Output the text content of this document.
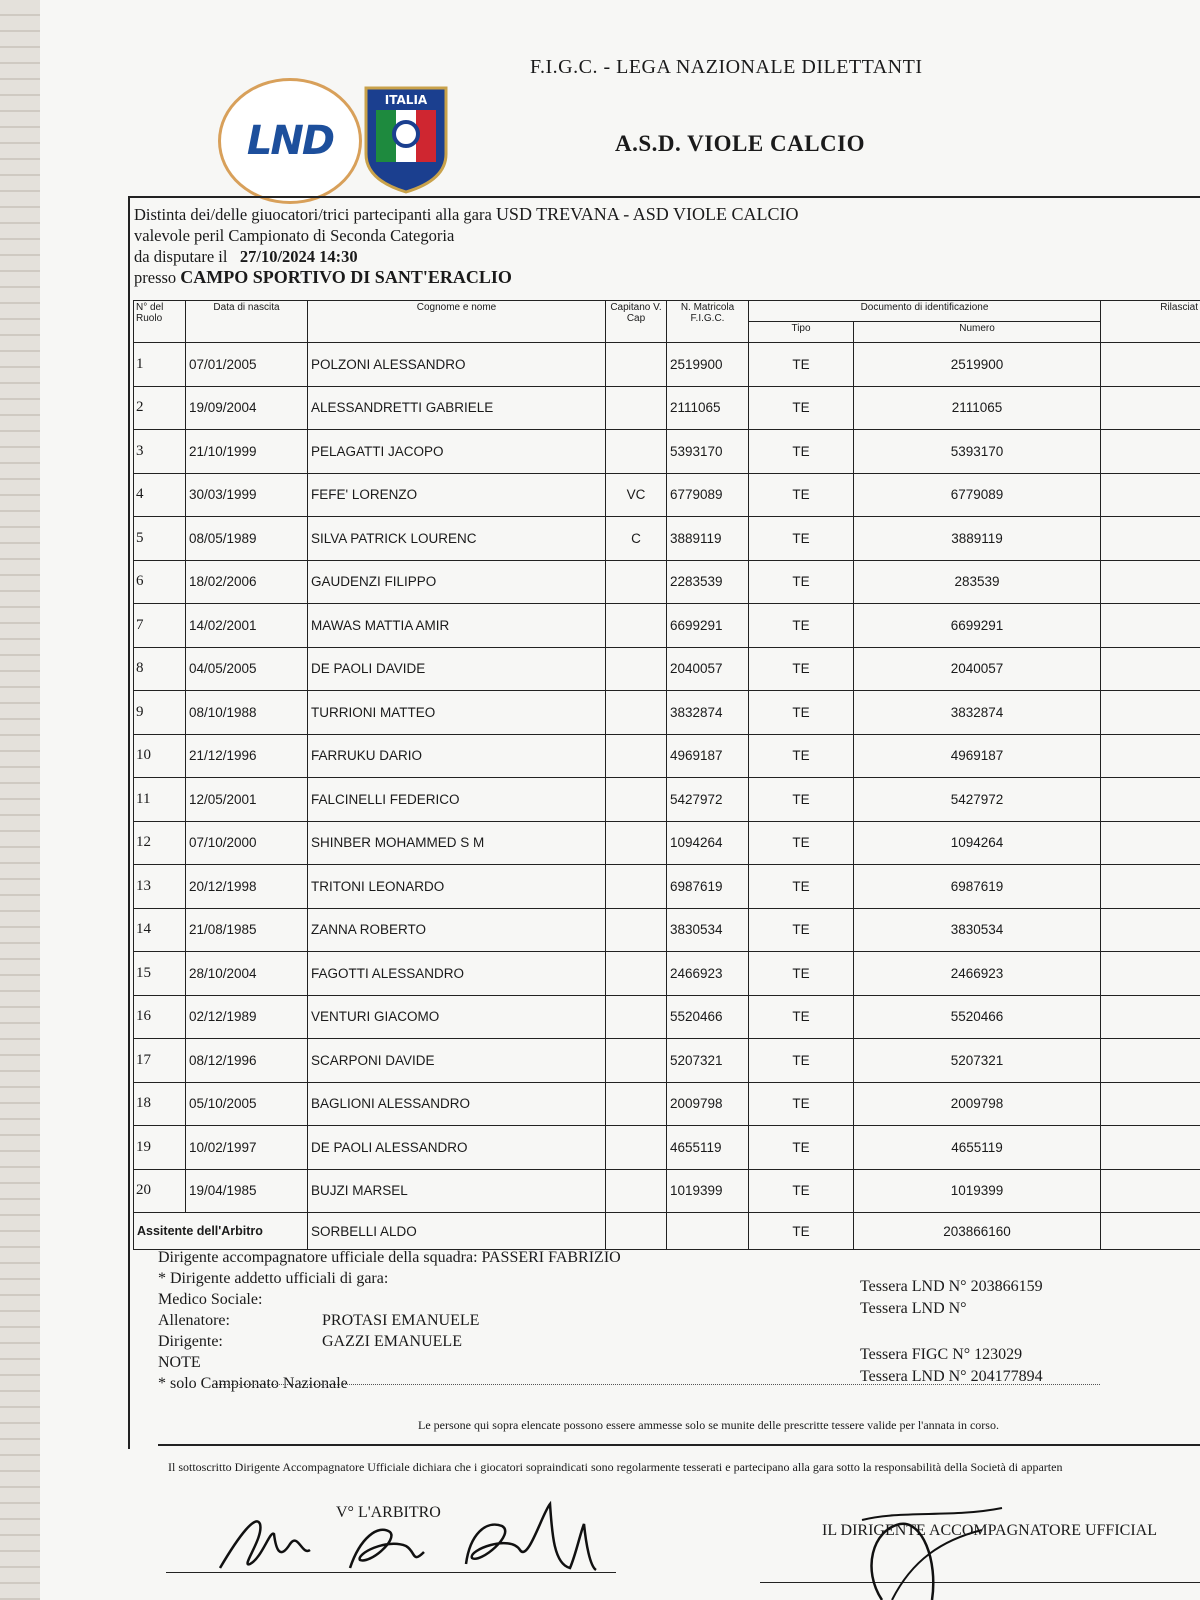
LND
ITALIA
F.I.G.C. - LEGA NAZIONALE DILETTANTI
A.S.D. VIOLE CALCIO
Distinta dei/delle giuocatori/trici partecipanti alla gara USD TREVANA - ASD VIOLE CALCIO
valevole peril Campionato di Seconda Categoria
da disputare il 27/10/2024 14:30
presso CAMPO SPORTIVO DI SANT'ERACLIO
N° del Ruolo	Data di nascita	Cognome e nome	Capitano V. Cap	N. Matricola F.I.G.C.	Documento di identificazione		Rilasciat
					Tipo	Numero	
1	07/01/2005	POLZONI ALESSANDRO		2519900	TE	2519900	
2	19/09/2004	ALESSANDRETTI GABRIELE		2111065	TE	2111065	
3	21/10/1999	PELAGATTI JACOPO		5393170	TE	5393170	
4	30/03/1999	FEFE' LORENZO	VC	6779089	TE	6779089	
5	08/05/1989	SILVA PATRICK LOURENC	C	3889119	TE	3889119	
6	18/02/2006	GAUDENZI FILIPPO		2283539	TE	283539	
7	14/02/2001	MAWAS MATTIA AMIR		6699291	TE	6699291	
8	04/05/2005	DE PAOLI DAVIDE		2040057	TE	2040057	
9	08/10/1988	TURRIONI MATTEO		3832874	TE	3832874	
10	21/12/1996	FARRUKU DARIO		4969187	TE	4969187	
11	12/05/2001	FALCINELLI FEDERICO		5427972	TE	5427972	
12	07/10/2000	SHINBER MOHAMMED S M		1094264	TE	1094264	
13	20/12/1998	TRITONI LEONARDO		6987619	TE	6987619	
14	21/08/1985	ZANNA ROBERTO		3830534	TE	3830534	
15	28/10/2004	FAGOTTI ALESSANDRO		2466923	TE	2466923	
16	02/12/1989	VENTURI GIACOMO		5520466	TE	5520466	
17	08/12/1996	SCARPONI DAVIDE		5207321	TE	5207321	
18	05/10/2005	BAGLIONI ALESSANDRO		2009798	TE	2009798	
19	10/02/1997	DE PAOLI ALESSANDRO		4655119	TE	4655119	
20	19/04/1985	BUJZI MARSEL		1019399	TE	1019399	
Assitente dell'Arbitro		SORBELLI ALDO			TE	203866160	
Dirigente accompagnatore ufficiale della squadra: PASSERI FABRIZIO
* Dirigente addetto ufficiali di gara:
Medico Sociale:
Allenatore:	PROTASI EMANUELE
Dirigente:	GAZZI EMANUELE
NOTE
* solo Campionato Nazionale
Tessera LND N° 203866159
Tessera LND N°
Tessera FIGC N° 123029
Tessera LND N° 204177894
Le persone qui sopra elencate possono essere ammesse solo se munite delle prescritte tessere valide per l'annata in corso.
Il sottoscritto Dirigente Accompagnatore Ufficiale dichiara che i giocatori sopraindicati sono regolarmente tesserati e partecipano alla gara sotto la responsabilità della Società di apparten
V° L'ARBITRO
IL DIRIGENTE ACCOMPAGNATORE UFFICIAL
